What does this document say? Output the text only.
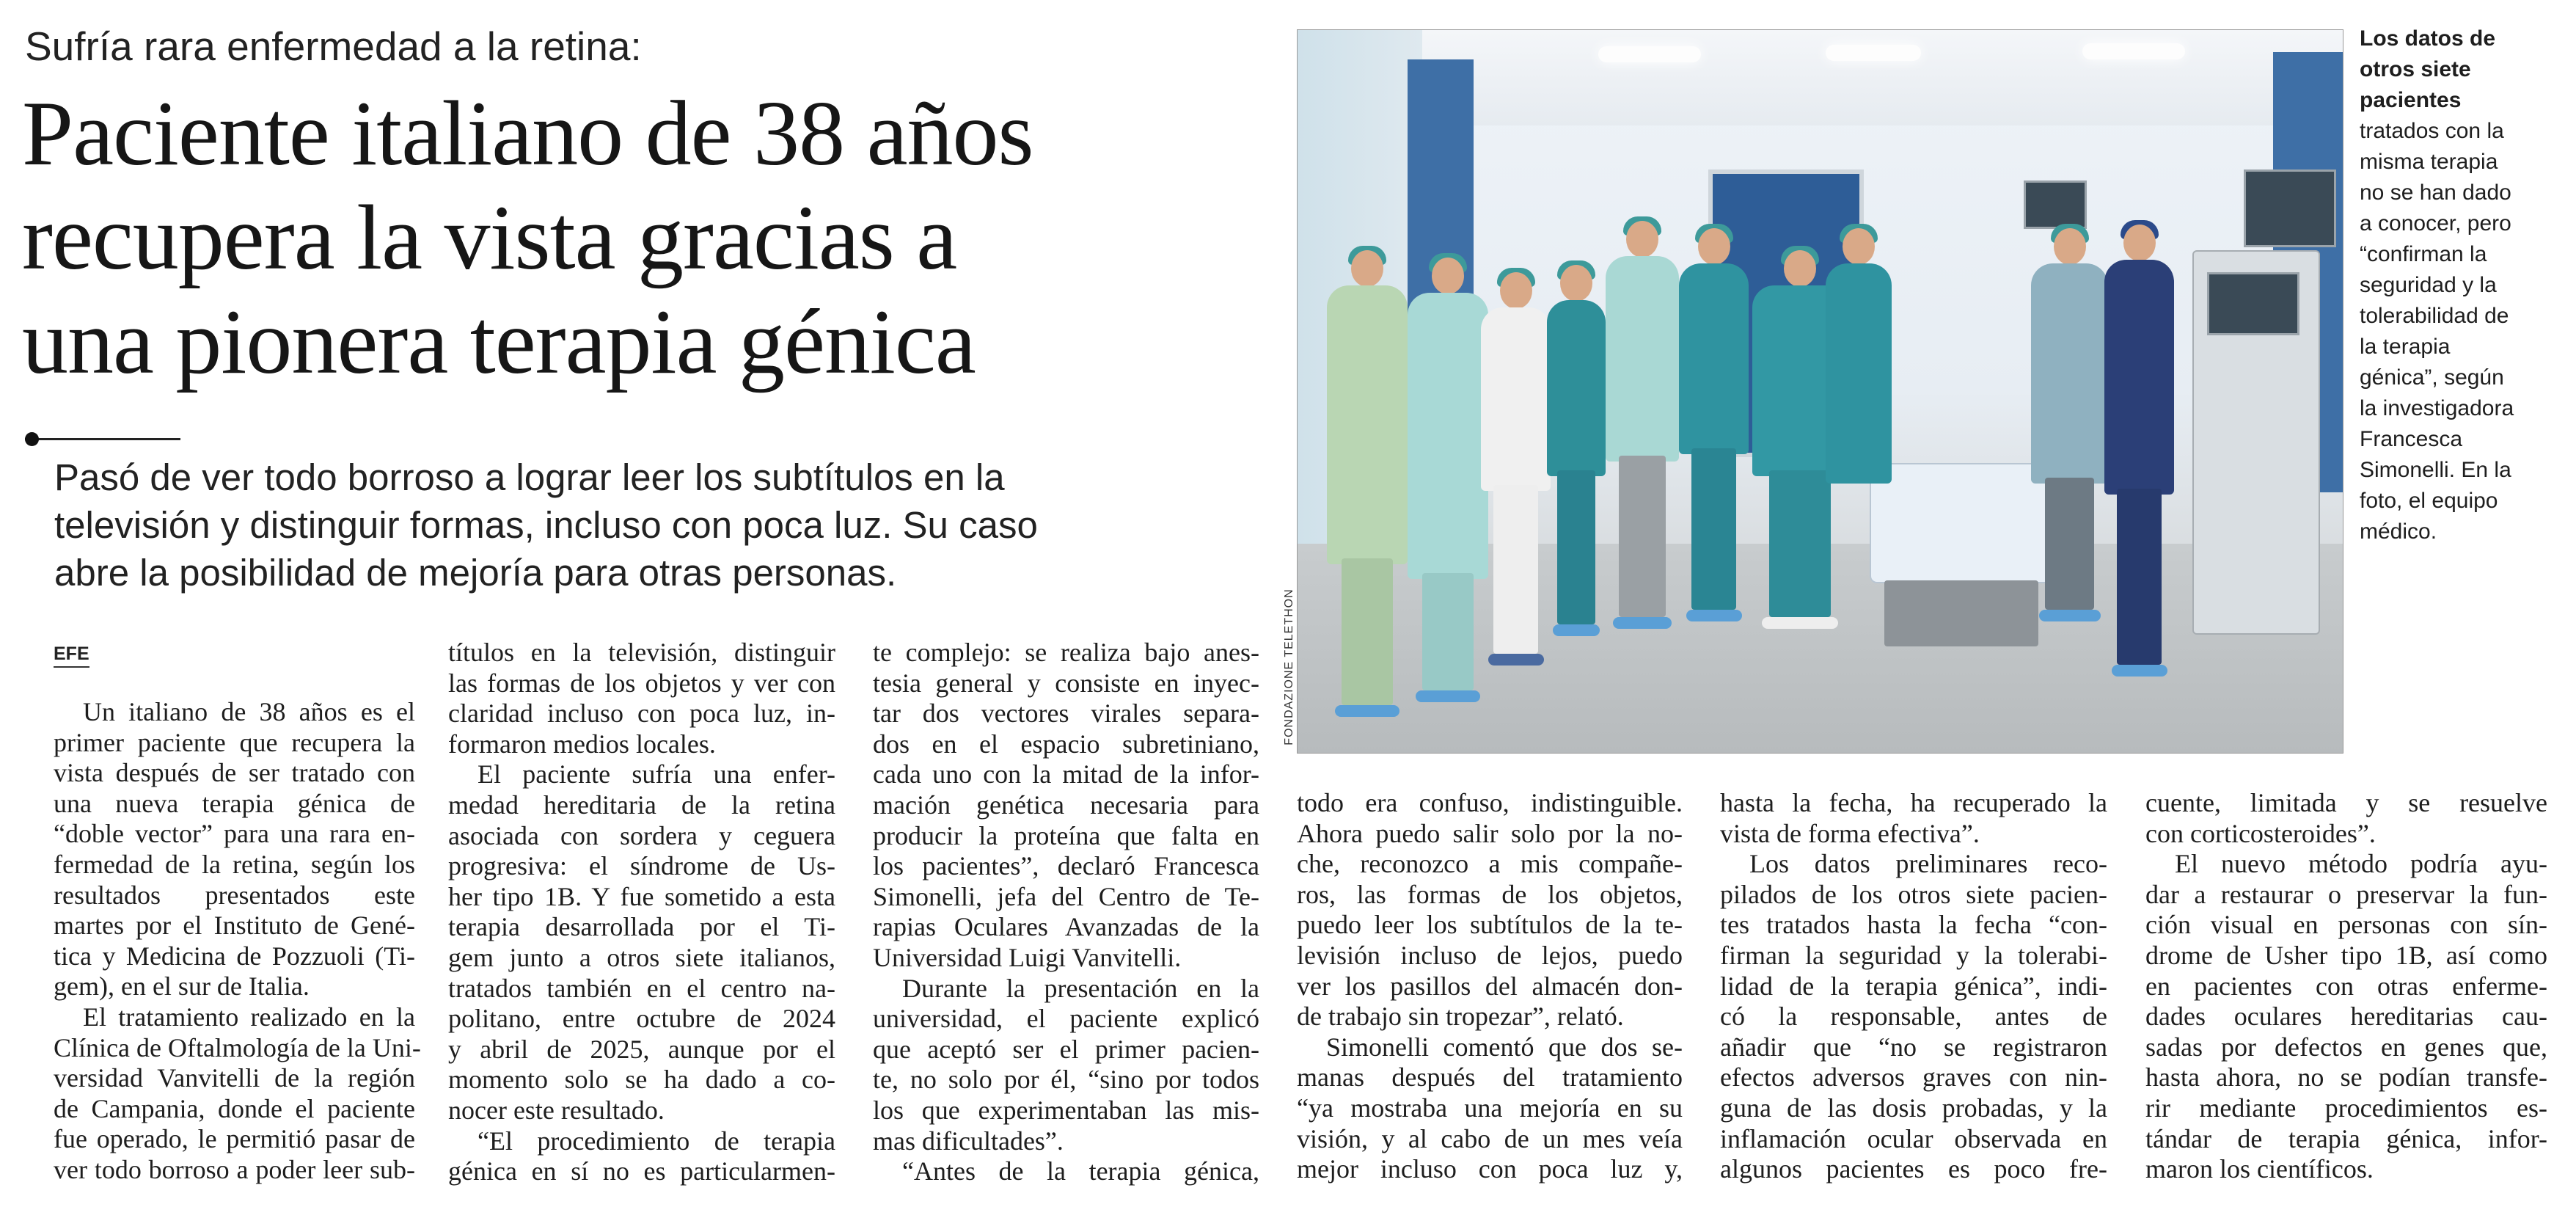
Sufría rara enfermedad a la retina:
Paciente italiano de 38 años
recupera la vista gracias a
una pionera terapia génica
Pasó de ver todo borroso a lograr leer los subtítulos en la
televisión y distinguir formas, incluso con poca luz. Su caso
abre la posibilidad de mejoría para otras personas.
EFE
Un italiano de 38 años es el
primer paciente que recupera la
vista después de ser tratado con
una nueva terapia génica de
“doble vector” para una rara en-
fermedad de la retina, según los
resultados presentados este
martes por el Instituto de Gené-
tica y Medicina de Pozzuoli (Ti-
gem), en el sur de Italia.
El tratamiento realizado en la
Clínica de Oftalmología de la Uni-
versidad Vanvitelli de la región
de Campania, donde el paciente
fue operado, le permitió pasar de
ver todo borroso a poder leer sub-
títulos en la televisión, distinguir
las formas de los objetos y ver con
claridad incluso con poca luz, in-
formaron medios locales.
El paciente sufría una enfer-
medad hereditaria de la retina
asociada con sordera y ceguera
progresiva: el síndrome de Us-
her tipo 1B. Y fue sometido a esta
terapia desarrollada por el Ti-
gem junto a otros siete italianos,
tratados también en el centro na-
politano, entre octubre de 2024
y abril de 2025, aunque por el
momento solo se ha dado a co-
nocer este resultado.
“El procedimiento de terapia
génica en sí no es particularmen-
te complejo: se realiza bajo anes-
tesia general y consiste en inyec-
tar dos vectores virales separa-
dos en el espacio subretiniano,
cada uno con la mitad de la infor-
mación genética necesaria para
producir la proteína que falta en
los pacientes”, declaró Francesca
Simonelli, jefa del Centro de Te-
rapias Oculares Avanzadas de la
Universidad Luigi Vanvitelli.
Durante la presentación en la
universidad, el paciente explicó
que aceptó ser el primer pacien-
te, no solo por él, “sino por todos
los que experimentaban las mis-
mas dificultades”.
“Antes de la terapia génica,
todo era confuso, indistinguible.
Ahora puedo salir solo por la no-
che, reconozco a mis compañe-
ros, las formas de los objetos,
puedo leer los subtítulos de la te-
levisión incluso de lejos, puedo
ver los pasillos del almacén don-
de trabajo sin tropezar”, relató.
Simonelli comentó que dos se-
manas después del tratamiento
“ya mostraba una mejoría en su
visión, y al cabo de un mes veía
mejor incluso con poca luz y,
hasta la fecha, ha recuperado la
vista de forma efectiva”.
Los datos preliminares reco-
pilados de los otros siete pacien-
tes tratados hasta la fecha “con-
firman la seguridad y la tolerabi-
lidad de la terapia génica”, indi-
có la responsable, antes de
añadir que “no se registraron
efectos adversos graves con nin-
guna de las dosis probadas, y la
inflamación ocular observada en
algunos pacientes es poco fre-
cuente, limitada y se resuelve
con corticosteroides”.
El nuevo método podría ayu-
dar a restaurar o preservar la fun-
ción visual en personas con sín-
drome de Usher tipo 1B, así como
en pacientes con otras enferme-
dades oculares hereditarias cau-
sadas por defectos en genes que,
hasta ahora, no se podían transfe-
rir mediante procedimientos es-
tándar de terapia génica, infor-
maron los científicos.
FONDAZIONE TELETHON
Los datos de
otros siete
pacientes
tratados con la
misma terapia
no se han dado
a conocer, pero
“confirman la
seguridad y la
tolerabilidad de
la terapia
génica”, según
la investigadora
Francesca
Simonelli. En la
foto, el equipo
médico.
